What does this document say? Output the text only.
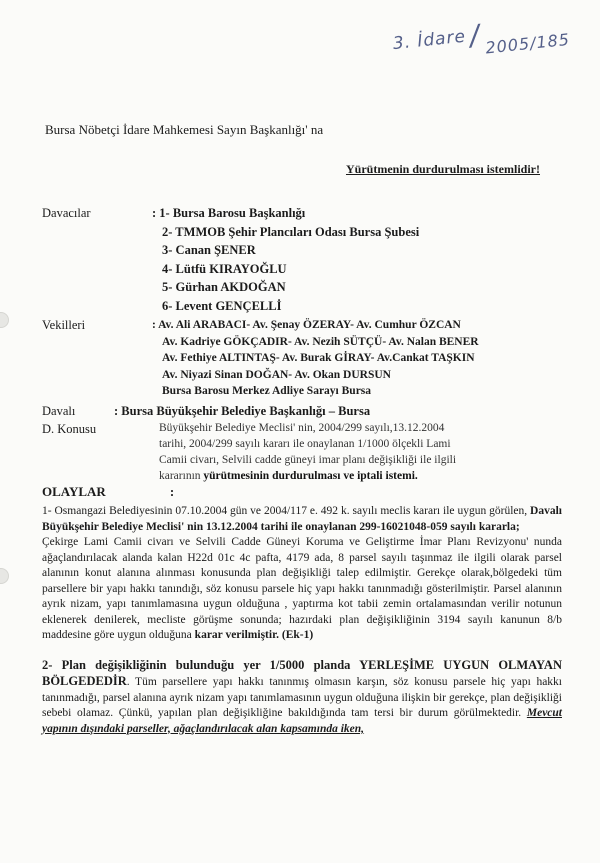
3. İdare/ 2005/185
Bursa Nöbetçi İdare Mahkemesi Sayın Başkanlığı' na
Yürütmenin durdurulması istemlidir!
Davacılar	: 1- Bursa Barosu Başkanlığı
2- TMMOB Şehir Plancıları Odası Bursa Şubesi
3- Canan ŞENER
4- Lütfü KIRAYOĞLU
5- Gürhan AKDOĞAN
6- Levent GENÇELLİ
Vekilleri	: Av. Ali ARABACI- Av. Şenay ÖZERAY- Av. Cumhur ÖZCAN
Av. Kadriye GÖKÇADIR- Av. Nezih SÜTÇÜ- Av. Nalan BENER
Av. Fethiye ALTINTAŞ- Av. Burak GİRAY- Av.Cankat TAŞKIN
Av. Niyazi Sinan DOĞAN- Av. Okan DURSUN
Bursa Barosu Merkez Adliye Sarayı Bursa
Davalı	: Bursa Büyükşehir Belediye Başkanlığı – Bursa
D. Konusu	Büyükşehir Belediye Meclisi' nin, 2004/299 sayılı,13.12.2004
tarihi, 2004/299 sayılı kararı ile onaylanan 1/1000 ölçekli Lami
Camii civarı, Selvili cadde güneyi imar planı değişikliği ile ilgili
kararının yürütmesinin durdurulması ve iptali istemi.
OLAYLAR	:

1- Osmangazi Belediyesinin 07.10.2004 gün ve 2004/117 e. 492 k. sayılı meclis kararı ile uygun görülen, Davalı Büyükşehir Belediye Meclisi' nin 13.12.2004 tarihi ile onaylanan 299-16021048-059 sayılı kararla;

Çekirge Lami Camii civarı ve Selvili Cadde Güneyi Koruma ve Geliştirme İmar Planı Revizyonu' nunda ağaçlandırılacak alanda kalan H22d 01c 4c pafta, 4179 ada, 8 parsel sayılı taşınmaz ile ilgili olarak parsel alanının konut alanına alınması konusunda plan değişikliği talep edilmiştir. Gerekçe olarak,bölgedeki tüm parsellere bir yapı hakkı tanındığı, söz konusu parsele hiç yapı hakkı tanınmadığı gösterilmiştir. Parsel alanının ayrık nizam, yapı tanımlamasına uygun olduğuna , yaptırma kot tabii zemin ortalamasından verilir notunun eklenerek denilerek, mecliste görüşme sonunda; hazırdaki plan değişikliğinin 3194 sayılı kanunun 8/b maddesine göre uygun olduğuna karar verilmiştir. (Ek-1)

2- Plan değişikliğinin bulunduğu yer 1/5000 planda YERLEŞİME UYGUN OLMAYAN BÖLGEDEDİR. Tüm parsellere yapı hakkı tanınmış olmasın karşın, söz konusu parsele hiç yapı hakkı tanınmadığı, parsel alanına ayrık nizam yapı tanımlamasının uygun olduğuna ilişkin bir gerekçe, plan değişikliği sebebi olamaz. Çünkü, yapılan plan değişikliğine bakıldığında tam tersi bir durum görülmektedir. Mevcut yapının dışındaki parseller, ağaçlandırılacak alan kapsamında iken,
